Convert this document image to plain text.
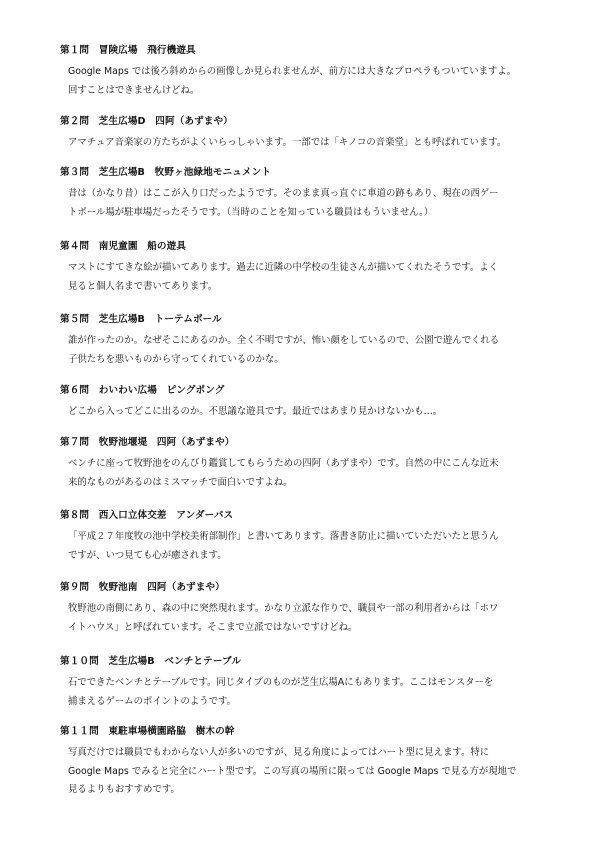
第１問　冒険広場　飛行機遊具
Google Maps では後ろ斜めからの画像しか見られませんが、前方には大きなプロペラもついていますよ。
回すことはできませんけどね。
第２問　芝生広場D　四阿（あずまや）
アマチュア音楽家の方たちがよくいらっしゃいます。一部では「キノコの音楽堂」とも呼ばれています。
第３問　芝生広場B　牧野ヶ池緑地モニュメント
昔は（かなり昔）はここが入り口だったようです。そのまま真っ直ぐに車道の跡もあり、現在の西ゲー
トボール場が駐車場だったそうです。（当時のことを知っている職員はもういません。）
第４問　南児童園　船の遊具
マストにすてきな絵が描いてあります。過去に近隣の中学校の生徒さんが描いてくれたそうです。よく
見ると個人名まで書いてあります。
第５問　芝生広場B　トーテムポール
誰が作ったのか。なぜそこにあるのか。全く不明ですが、怖い顔をしているので、公園で遊んでくれる
子供たちを悪いものから守ってくれているのかな。
第６問　わいわい広場　ピングポング
どこから入ってどこに出るのか。不思議な遊具です。最近ではあまり見かけないかも…。
第７問　牧野池堰堤　四阿（あずまや）
ベンチに座って牧野池をのんびり鑑賞してもらうための四阿（あずまや）です。自然の中にこんな近未
来的なものがあるのはミスマッチで面白いですよね。
第８問　西入口立体交差　アンダーパス
「平成２７年度牧の池中学校美術部制作」と書いてあります。落書き防止に描いていただいたと思うん
ですが、いつ見ても心が癒されます。
第９問　牧野池南　四阿（あずまや）
牧野池の南側にあり、森の中に突然現れます。かなり立派な作りで、職員や一部の利用者からは「ホワ
イトハウス」と呼ばれています。そこまで立派ではないですけどね。
第１０問　芝生広場B　ベンチとテーブル
石でできたベンチとテーブルです。同じタイプのものが芝生広場Aにもあります。ここはモンスターを
捕まえるゲームのポイントのようです。
第１１問　東駐車場横園路脇　樹木の幹
写真だけでは職員でもわからない人が多いのですが、見る角度によってはハート型に見えます。特に
Google Maps でみると完全にハート型です。この写真の場所に限っては Google Maps で見る方が現地で
見るよりもおすすめです。
